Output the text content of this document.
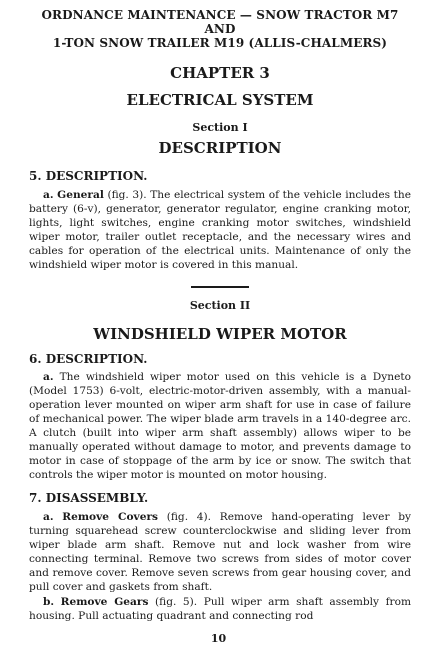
ORDNANCE MAINTENANCE — SNOW TRACTOR M7 AND
1-TON SNOW TRAILER M19 (ALLIS-CHALMERS)
CHAPTER 3
ELECTRICAL SYSTEM
Section I
DESCRIPTION
5. DESCRIPTION.

a. General (fig. 3). The electrical system of the vehicle includes the battery (6-v), generator, generator regulator, engine cranking motor, lights, light switches, engine cranking motor switches, windshield wiper motor, trailer outlet receptacle, and the necessary wires and cables for operation of the electrical units. Maintenance of only the windshield wiper motor is covered in this manual.

Section II
WINDSHIELD WIPER MOTOR
6. DESCRIPTION.

a. The windshield wiper motor used on this vehicle is a Dyneto (Model 1753) 6-volt, electric-motor-driven assembly, with a manual-operation lever mounted on wiper arm shaft for use in case of failure of mechanical power. The wiper blade arm travels in a 140-degree arc. A clutch (built into wiper arm shaft assembly) allows wiper to be manually operated without damage to motor, and prevents damage to motor in case of stoppage of the arm by ice or snow. The switch that controls the wiper motor is mounted on motor housing.

7. DISASSEMBLY.

a. Remove Covers (fig. 4). Remove hand-operating lever by turning squarehead screw counterclockwise and sliding lever from wiper blade arm shaft. Remove nut and lock washer from wire connecting terminal. Remove two screws from sides of motor cover and remove cover. Remove seven screws from gear housing cover, and pull cover and gaskets from shaft.

b. Remove Gears (fig. 5). Pull wiper arm shaft assembly from housing. Pull actuating quadrant and connecting rod

10
